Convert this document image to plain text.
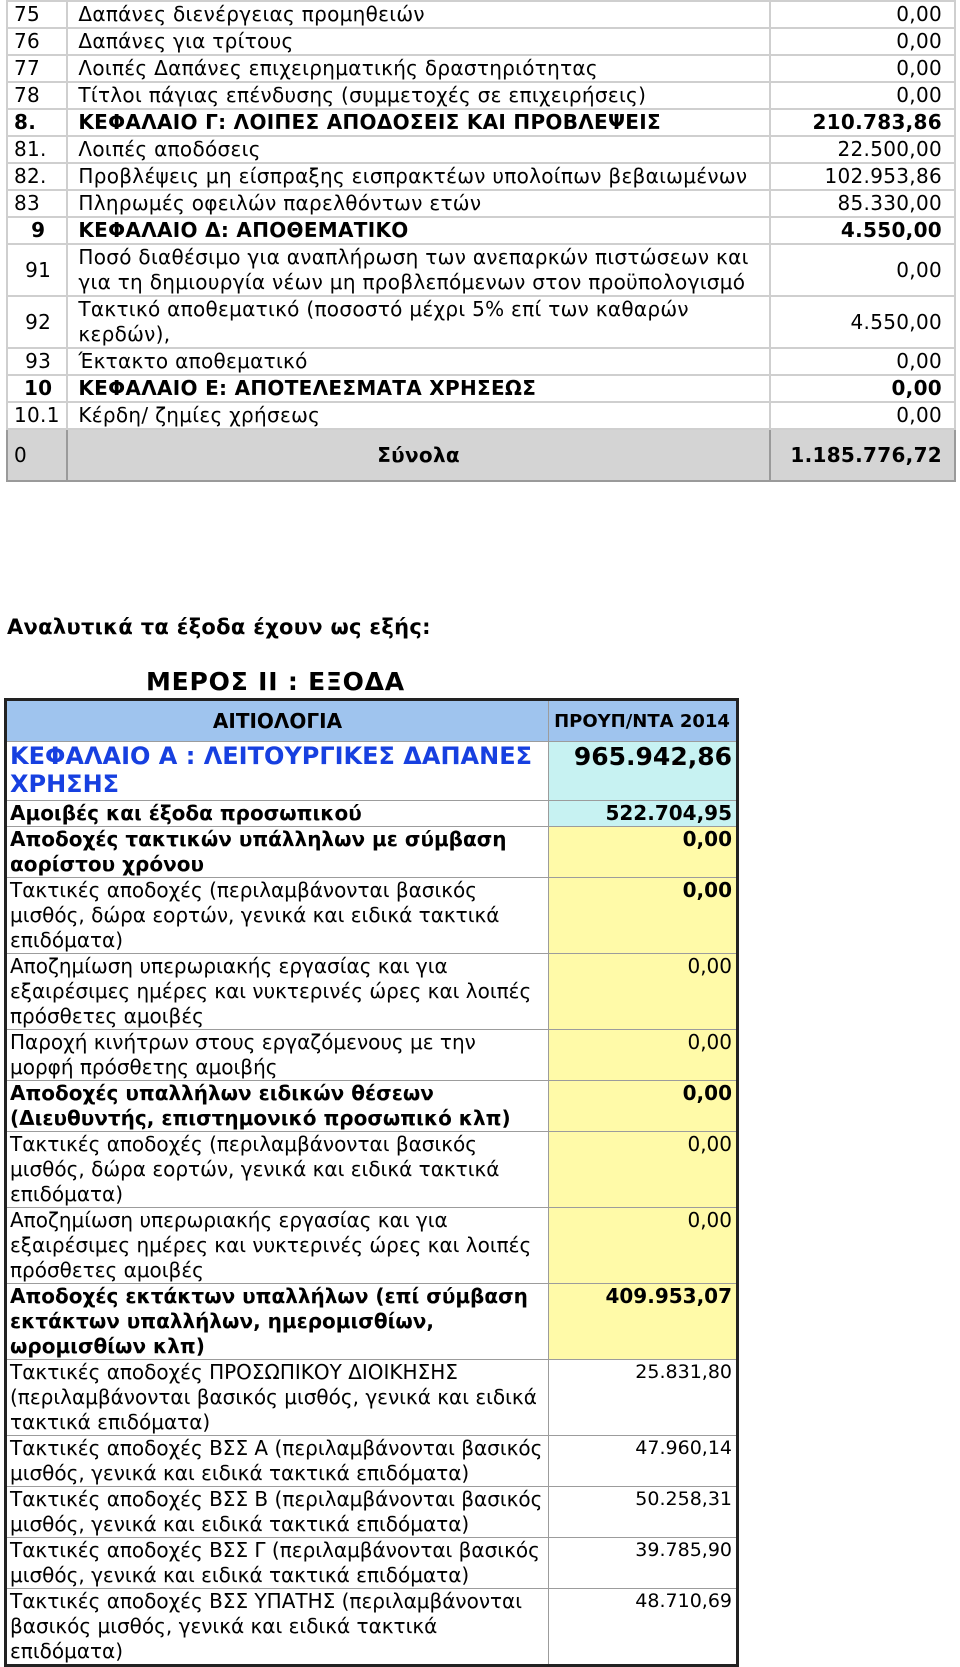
75	Δαπάνες διενέργειας προμηθειών	0,00
76	Δαπάνες για τρίτους	0,00
77	Λοιπές Δαπάνες επιχειρηματικής δραστηριότητας	0,00
78	Τίτλοι πάγιας επένδυσης (συμμετοχές σε επιχειρήσεις)	0,00
8.	ΚΕΦΑΛΑΙΟ Γ: ΛΟΙΠΕΣ ΑΠΟΔΟΣΕΙΣ ΚΑΙ ΠΡΟΒΛΕΨΕΙΣ	210.783,86
81.	Λοιπές αποδόσεις	22.500,00
82.	Προβλέψεις μη είσπραξης εισπρακτέων υπολοίπων βεβαιωμένων	102.953,86
83	Πληρωμές οφειλών παρελθόντων ετών	85.330,00
9	ΚΕΦΑΛΑΙΟ Δ: ΑΠΟΘΕΜΑΤΙΚΟ	4.550,00
91	Ποσό διαθέσιμο για αναπλήρωση των ανεπαρκών πιστώσεων και για τη δημιουργία νέων μη προβλεπόμενων στον προϋπολογισμό	0,00
92	Τακτικό αποθεματικό (ποσοστό μέχρι 5% επί των καθαρών κερδών),	4.550,00
93	Έκτακτο αποθεματικό	0,00
10	ΚΕΦΑΛΑΙΟ Ε: ΑΠΟΤΕΛΕΣΜΑΤΑ ΧΡΗΣΕΩΣ	0,00
10.1	Κέρδη/ ζημίες χρήσεως	0,00
0	Σύνολα	1.185.776,72

Αναλυτικά τα έξοδα έχουν ως εξής:

ΜΕΡΟΣ ΙΙ : ΕΞΟΔΑ

ΑΙΤΙΟΛΟΓΙΑ	ΠΡΟΥΠ/ΝΤΑ 2014
ΚΕΦΑΛΑΙΟ Α : ΛΕΙΤΟΥΡΓΙΚΕΣ ΔΑΠΑΝΕΣ ΧΡΗΣΗΣ	965.942,86
Αμοιβές και έξοδα προσωπικού	522.704,95
Αποδοχές τακτικών υπάλληλων με σύμβαση αορίστου χρόνου	0,00
Τακτικές αποδοχές (περιλαμβάνονται βασικός μισθός, δώρα εορτών, γενικά και ειδικά τακτικά επιδόματα)	0,00
Αποζημίωση υπερωριακής εργασίας και για εξαιρέσιμες ημέρες και νυκτερινές ώρες και λοιπές πρόσθετες αμοιβές	0,00
Παροχή κινήτρων στους εργαζόμενους με την μορφή πρόσθετης αμοιβής	0,00
Αποδοχές υπαλλήλων ειδικών θέσεων (Διευθυντής, επιστημονικό προσωπικό κλπ)	0,00
Τακτικές αποδοχές (περιλαμβάνονται βασικός μισθός, δώρα εορτών, γενικά και ειδικά τακτικά επιδόματα)	0,00
Αποζημίωση υπερωριακής εργασίας και για εξαιρέσιμες ημέρες και νυκτερινές ώρες και λοιπές πρόσθετες αμοιβές	0,00
Αποδοχές εκτάκτων υπαλλήλων (επί σύμβαση εκτάκτων υπαλλήλων, ημερομισθίων, ωρομισθίων κλπ)	409.953,07
Τακτικές αποδοχές ΠΡΟΣΩΠΙΚΟΥ ΔΙΟΙΚΗΣΗΣ (περιλαμβάνονται βασικός μισθός, γενικά και ειδικά τακτικά επιδόματα)	25.831,80
Τακτικές αποδοχές ΒΣΣ Α (περιλαμβάνονται βασικός μισθός, γενικά και ειδικά τακτικά επιδόματα)	47.960,14
Τακτικές αποδοχές ΒΣΣ Β (περιλαμβάνονται βασικός μισθός, γενικά και ειδικά τακτικά επιδόματα)	50.258,31
Τακτικές αποδοχές ΒΣΣ Γ (περιλαμβάνονται βασικός μισθός, γενικά και ειδικά τακτικά επιδόματα)	39.785,90
Τακτικές αποδοχές ΒΣΣ ΥΠΑΤΗΣ (περιλαμβάνονται βασικός μισθός, γενικά και ειδικά τακτικά επιδόματα)	48.710,69
